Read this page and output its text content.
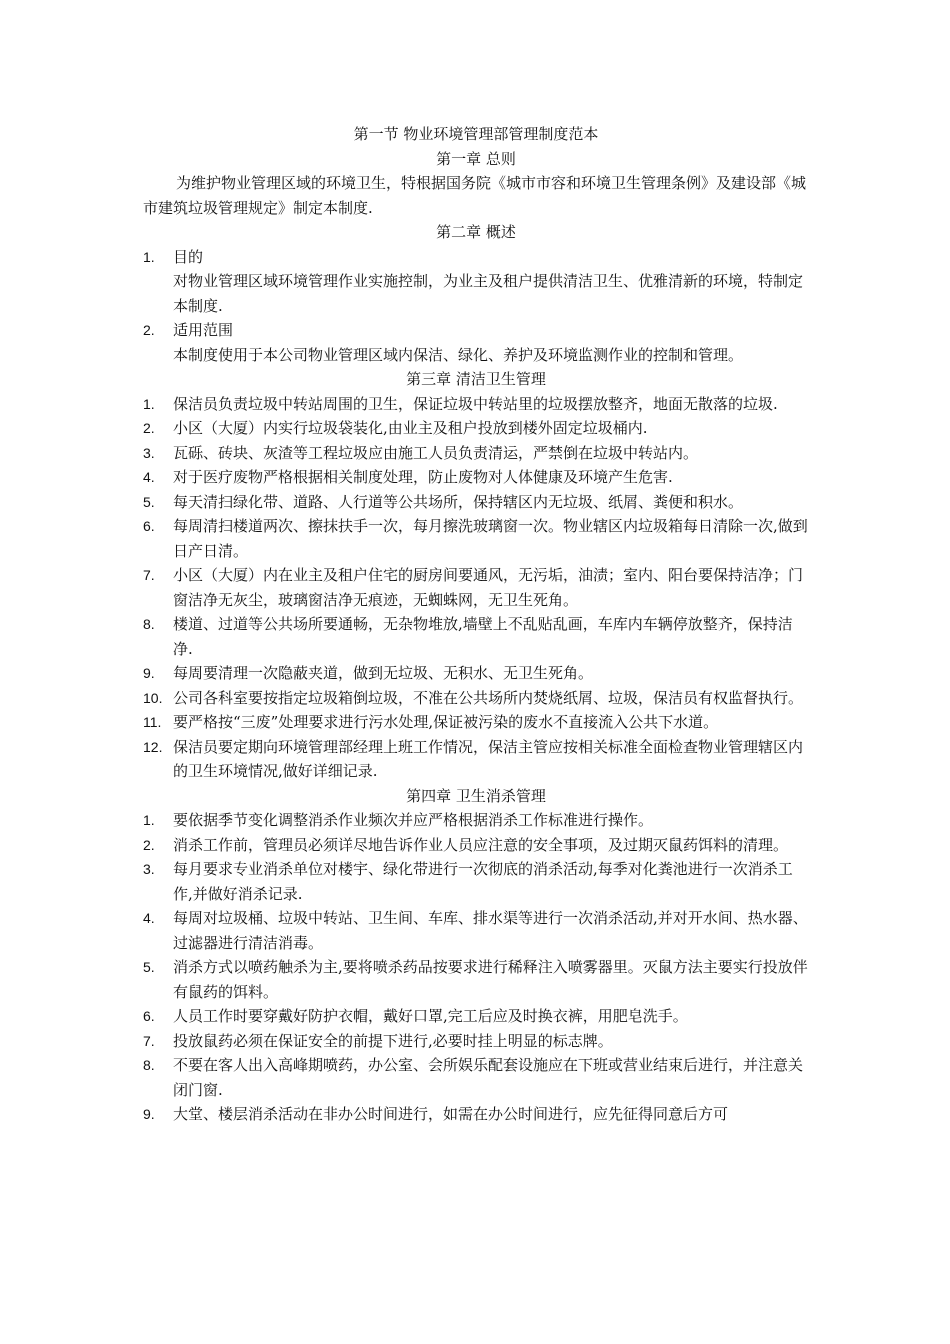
第一节 物业环境管理部管理制度范本
第一章 总则
为维护物业管理区域的环境卫生，特根据国务院《城市市容和环境卫生管理条例》及建设部《城市建筑垃圾管理规定》制定本制度.
第二章 概述
1.	目的
对物业管理区域环境管理作业实施控制，为业主及租户提供清洁卫生、优雅清新的环境，特制定本制度.
2.	适用范围
本制度使用于本公司物业管理区域内保洁、绿化、养护及环境监测作业的控制和管理。
第三章 清洁卫生管理
1.	保洁员负责垃圾中转站周围的卫生，保证垃圾中转站里的垃圾摆放整齐，地面无散落的垃圾.
2.	小区（大厦）内实行垃圾袋装化,由业主及租户投放到楼外固定垃圾桶内.
3.	瓦砾、砖块、灰渣等工程垃圾应由施工人员负责清运，严禁倒在垃圾中转站内。
4.	对于医疗废物严格根据相关制度处理，防止废物对人体健康及环境产生危害.
5.	每天清扫绿化带、道路、人行道等公共场所，保持辖区内无垃圾、纸屑、粪便和积水。
6.	每周清扫楼道两次、擦抹扶手一次，每月擦洗玻璃窗一次。物业辖区内垃圾箱每日清除一次,做到日产日清。
7.	小区（大厦）内在业主及租户住宅的厨房间要通风，无污垢，油渍；室内、阳台要保持洁净；门窗洁净无灰尘，玻璃窗洁净无痕迹，无蜘蛛网，无卫生死角。
8.	楼道、过道等公共场所要通畅，无杂物堆放,墙壁上不乱贴乱画，车库内车辆停放整齐，保持洁净.
9.	每周要清理一次隐蔽夹道，做到无垃圾、无积水、无卫生死角。
10. 公司各科室要按指定垃圾箱倒垃圾，不准在公共场所内焚烧纸屑、垃圾，保洁员有权监督执行。
11. 要严格按“三废”处理要求进行污水处理,保证被污染的废水不直接流入公共下水道。
12. 保洁员要定期向环境管理部经理上班工作情况，保洁主管应按相关标准全面检查物业管理辖区内的卫生环境情况,做好详细记录.
第四章 卫生消杀管理
1.	要依据季节变化调整消杀作业频次并应严格根据消杀工作标准进行操作。
2.	消杀工作前，管理员必须详尽地告诉作业人员应注意的安全事项，及过期灭鼠药饵料的清理。
3.	每月要求专业消杀单位对楼宇、绿化带进行一次彻底的消杀活动,每季对化粪池进行一次消杀工作,并做好消杀记录.
4.	每周对垃圾桶、垃圾中转站、卫生间、车库、排水渠等进行一次消杀活动,并对开水间、热水器、过滤器进行清洁消毒。
5.	消杀方式以喷药触杀为主,要将喷杀药品按要求进行稀释注入喷雾器里。灭鼠方法主要实行投放伴有鼠药的饵料。
6.	人员工作时要穿戴好防护衣帽，戴好口罩,完工后应及时换衣裤，用肥皂洗手。
7.	投放鼠药必须在保证安全的前提下进行,必要时挂上明显的标志牌。
8.	不要在客人出入高峰期喷药，办公室、会所娱乐配套设施应在下班或营业结束后进行，并注意关闭门窗.
9.	大堂、楼层消杀活动在非办公时间进行，如需在办公时间进行，应先征得同意后方可
